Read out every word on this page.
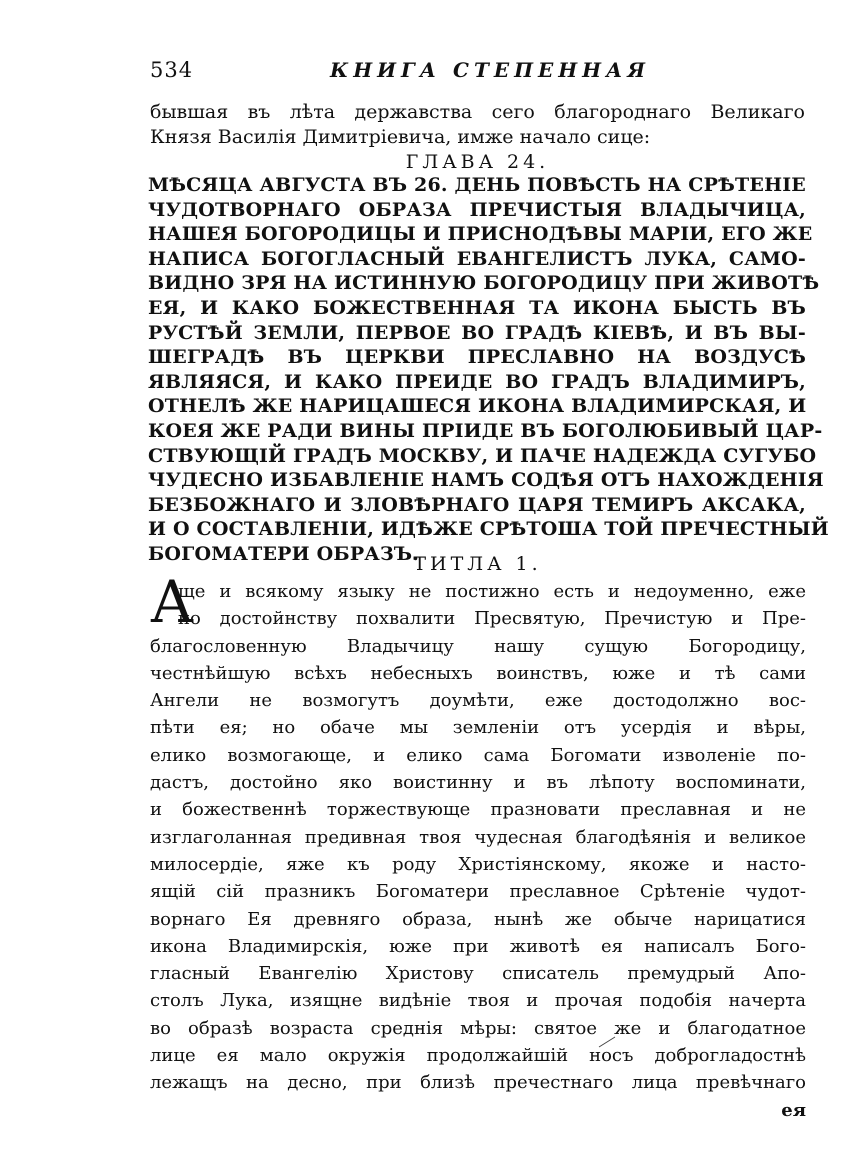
534	КНИГА СТЕПЕННАЯ
бывшая въ лѣта державства сего благороднаго Великаго
Князя Василія Димитріевича, имже начало сице:
ГЛАВА 24.
МѢСЯЦА АВГУСТА ВЪ 26. ДЕНЬ ПОВѢСТЬ НА СРѢТЕНІЕ
ЧУДОТВОРНАГО ОБРАЗА ПРЕЧИСТЫЯ ВЛАДЫЧИЦА,
НАШЕЯ БОГОРОДИЦЫ И ПРИСНОДѢВЫ МАРІИ, ЕГО ЖЕ
НАПИСА БОГОГЛАСНЫЙ ЕВАНГЕЛИСТЪ ЛУКА, САМО-
ВИДНО ЗРЯ НА ИСТИННУЮ БОГОРОДИЦУ ПРИ ЖИВОТѢ
ЕЯ, И КАКО БОЖЕСТВЕННАЯ ТА ИКОНА БЫСТЬ ВЪ
РУСТѢЙ ЗЕМЛИ, ПЕРВОЕ ВО ГРАДѢ КІЕВѢ, И ВЪ ВЫ-
ШЕГРАДѢ ВЪ ЦЕРКВИ ПРЕСЛАВНО НА ВОЗДУСѢ
ЯВЛЯЯСЯ, И КАКО ПРЕИДЕ ВО ГРАДЪ ВЛАДИМИРЪ,
ОТНЕЛѢ ЖЕ НАРИЦАШЕСЯ ИКОНА ВЛАДИМИРСКАЯ, И
КОЕЯ ЖЕ РАДИ ВИНЫ ПРІИДЕ ВЪ БОГОЛЮБИВЫЙ ЦАР-
СТВУЮЩІЙ ГРАДЪ МОСКВУ, И ПАЧЕ НАДЕЖДА СУГУБО
ЧУДЕСНО ИЗБАВЛЕНІЕ НАМЪ СОДѢЯ ОТЪ НАХОЖДЕНІЯ
БЕЗБОЖНАГО И ЗЛОВѢРНАГО ЦАРЯ ТЕМИРЪ АКСАКА,
И О СОСТАВЛЕНІИ, ИДѢЖЕ СРѢТОША ТОЙ ПРЕЧЕСТНЫЙ
БОГОМАТЕРИ ОБРАЗЪ.
ТИТЛА 1.
А
ще и всякому языку не постижно есть и недоуменно, еже
по достойнству похвалити Пресвятую, Пречистую и Пре-
благословенную Владычицу нашу сущую Богородицу,
честнѣйшую всѣхъ небесныхъ воинствъ, юже и тѣ сами
Ангели не возмогутъ доумѣти, еже достодолжно вос-
пѣти ея; но обаче мы земленіи отъ усердія и вѣры,
елико возмогающе, и елико сама Богомати изволеніе по-
дастъ, достойно яко воистинну и въ лѣпоту воспоминати,
и божественнѣ торжествующе празновати преславная и не
изглаголанная предивная твоя чудесная благодѣянія и великое
милосердіе, яже къ роду Христіянскому, якоже и насто-
ящій сій празникъ Богоматери преславное Срѣтеніе чудот-
ворнаго Ея древняго образа, нынѣ же обыче нарицатися
икона Владимирскія, юже при животѣ ея написалъ Бого-
гласный Евангелію Христову списатель премудрый Апо-
столъ Лука, изящне видѣніе твоя и прочая подобія начерта
во образѣ возраста среднія мѣры: святое же и благодатное
лице ея мало окружія продолжайшій носъ доброгладостнѣ
лежащъ на десно, при близѣ пречестнаго лица превѣчнаго
ея
